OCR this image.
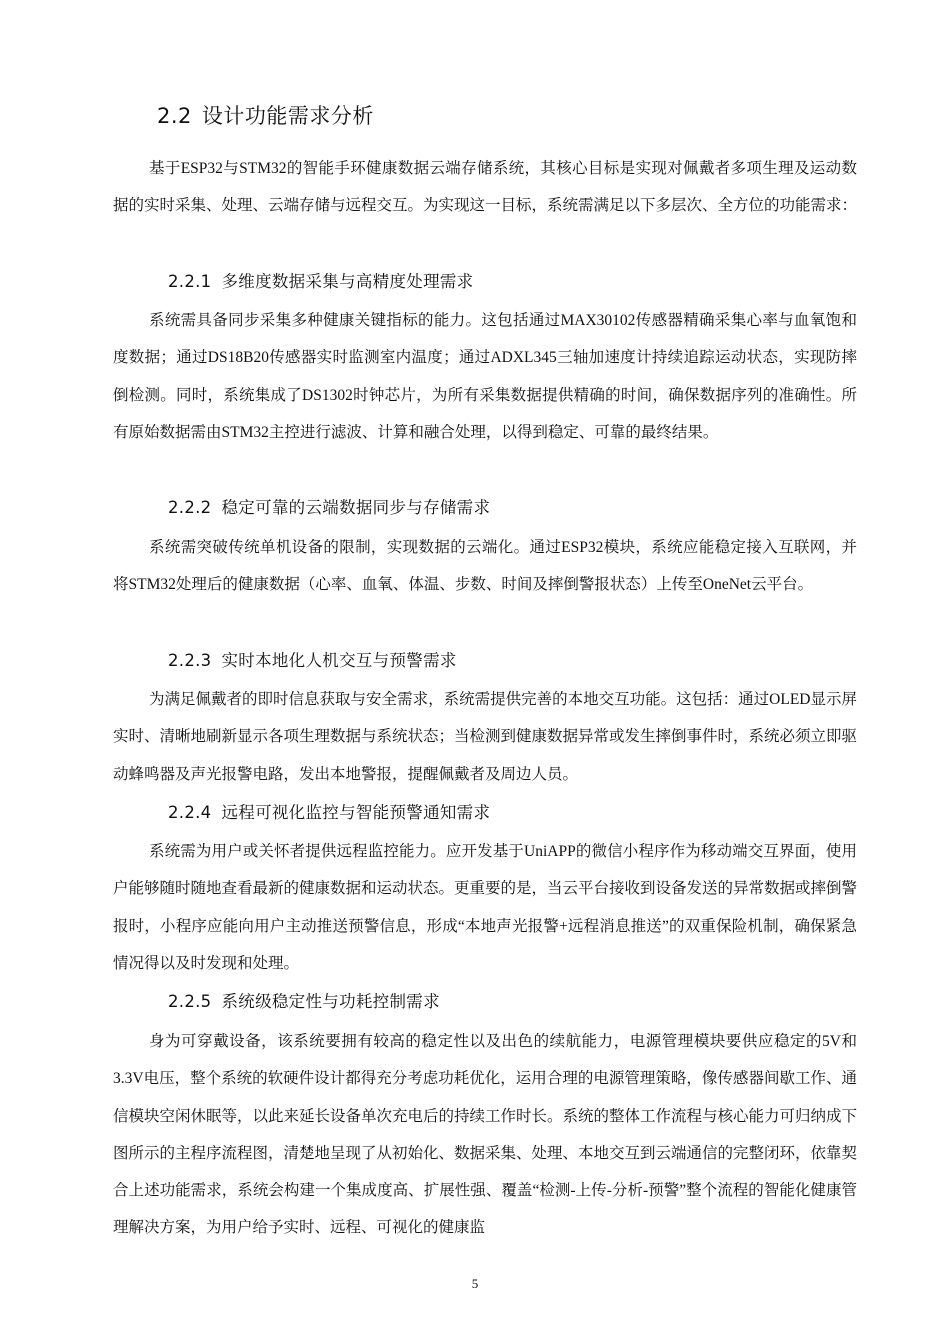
2.2 设计功能需求分析

基于ESP32与STM32的智能手环健康数据云端存储系统，其核心目标是实现对佩戴者多项生理及运动数据的实时采集、处理、云端存储与远程交互。为实现这一目标，系统需满足以下多层次、全方位的功能需求：

2.2.1 多维度数据采集与高精度处理需求

系统需具备同步采集多种健康关键指标的能力。这包括通过MAX30102传感器精确采集心率与血氧饱和度数据；通过DS18B20传感器实时监测室内温度；通过ADXL345三轴加速度计持续追踪运动状态，实现防摔倒检测。同时，系统集成了DS1302时钟芯片，为所有采集数据提供精确的时间，确保数据序列的准确性。所有原始数据需由STM32主控进行滤波、计算和融合处理，以得到稳定、可靠的最终结果。

2.2.2 稳定可靠的云端数据同步与存储需求

系统需突破传统单机设备的限制，实现数据的云端化。通过ESP32模块，系统应能稳定接入互联网，并将STM32处理后的健康数据（心率、血氧、体温、步数、时间及摔倒警报状态）上传至OneNet云平台。

2.2.3 实时本地化人机交互与预警需求

为满足佩戴者的即时信息获取与安全需求，系统需提供完善的本地交互功能。这包括：通过OLED显示屏实时、清晰地刷新显示各项生理数据与系统状态；当检测到健康数据异常或发生摔倒事件时，系统必须立即驱动蜂鸣器及声光报警电路，发出本地警报，提醒佩戴者及周边人员。

2.2.4 远程可视化监控与智能预警通知需求

系统需为用户或关怀者提供远程监控能力。应开发基于UniAPP的微信小程序作为移动端交互界面，使用户能够随时随地查看最新的健康数据和运动状态。更重要的是，当云平台接收到设备发送的异常数据或摔倒警报时，小程序应能向用户主动推送预警信息，形成“本地声光报警+远程消息推送”的双重保险机制，确保紧急情况得以及时发现和处理。

2.2.5 系统级稳定性与功耗控制需求

身为可穿戴设备，该系统要拥有较高的稳定性以及出色的续航能力，电源管理模块要供应稳定的5V和3.3V电压，整个系统的软硬件设计都得充分考虑功耗优化，运用合理的电源管理策略，像传感器间歇工作、通信模块空闲休眠等，以此来延长设备单次充电后的持续工作时长。系统的整体工作流程与核心能力可归纳成下图所示的主程序流程图，清楚地呈现了从初始化、数据采集、处理、本地交互到云端通信的完整闭环，依靠契合上述功能需求，系统会构建一个集成度高、扩展性强、覆盖“检测-上传-分析-预警”整个流程的智能化健康管理解决方案，为用户给予实时、远程、可视化的健康监

5
